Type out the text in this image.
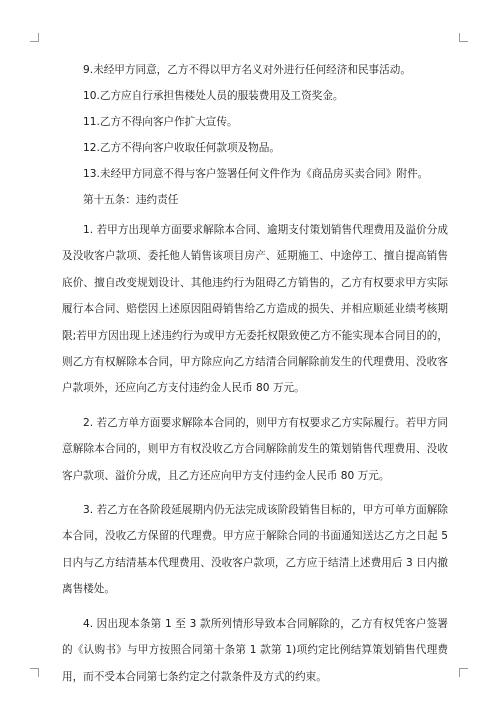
9.未经甲方同意，乙方不得以甲方名义对外进行任何经济和民事活动。
10.乙方应自行承担售楼处人员的服装费用及工资奖金。
11.乙方不得向客户作扩大宣传。
12.乙方不得向客户收取任何款项及物品。
13.未经甲方同意不得与客户签署任何文件作为《商品房买卖合同》附件。
第十五条：违约责任

1. 若甲方出现单方面要求解除本合同、逾期支付策划销售代理费用及溢价分成及没收客户款项、委托他人销售该项目房产、延期施工、中途停工、擅自提高销售底价、擅自改变规划设计、其他违约行为阻碍乙方销售的，乙方有权要求甲方实际履行本合同、赔偿因上述原因阻碍销售给乙方造成的损失、并相应顺延业绩考核期限;若甲方因出现上述违约行为或甲方无委托权限致使乙方不能实现本合同目的的，则乙方有权解除本合同，甲方除应向乙方结清合同解除前发生的代理费用、没收客户款项外，还应向乙方支付违约金人民币 80 万元。

2. 若乙方单方面要求解除本合同的，则甲方有权要求乙方实际履行。若甲方同意解除本合同的，则甲方有权没收乙方合同解除前发生的策划销售代理费用、没收客户款项、溢价分成，且乙方还应向甲方支付违约金人民币 80 万元。

3. 若乙方在各阶段延展期内仍无法完成该阶段销售目标的，甲方可单方面解除本合同，没收乙方保留的代理费。甲方应于解除合同的书面通知送达乙方之日起 5 日内与乙方结清基本代理费用、没收客户款项，乙方应于结清上述费用后 3 日内撤离售楼处。

4. 因出现本条第 1 至 3 款所列情形导致本合同解除的，乙方有权凭客户签署的《认购书》与甲方按照合同第十条第 1 款第 1)项约定比例结算策划销售代理费用，而不受本合同第七条约定之付款条件及方式的约束。
